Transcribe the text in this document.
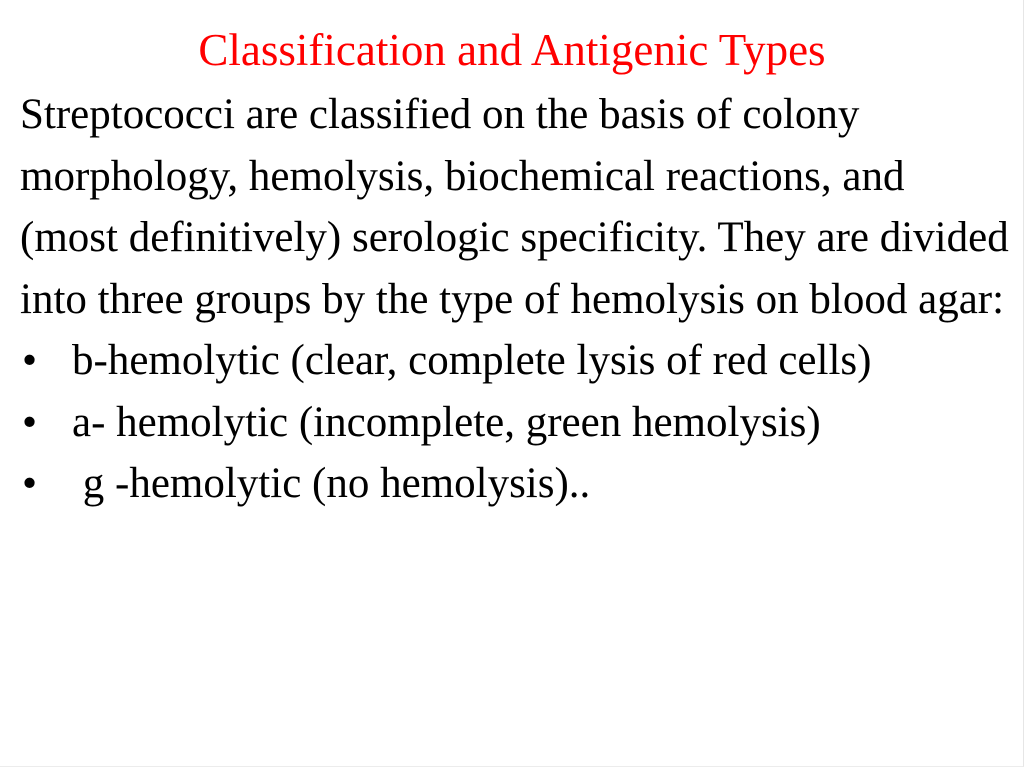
Classification and Antigenic Types

Streptococci are classified on the basis of colony morphology, hemolysis, biochemical reactions, and (most definitively) serologic specificity. They are divided into three groups by the type of hemolysis on blood agar:

• b-hemolytic (clear, complete lysis of red cells)
• a- hemolytic (incomplete, green hemolysis)
• g -hemolytic (no hemolysis)..
